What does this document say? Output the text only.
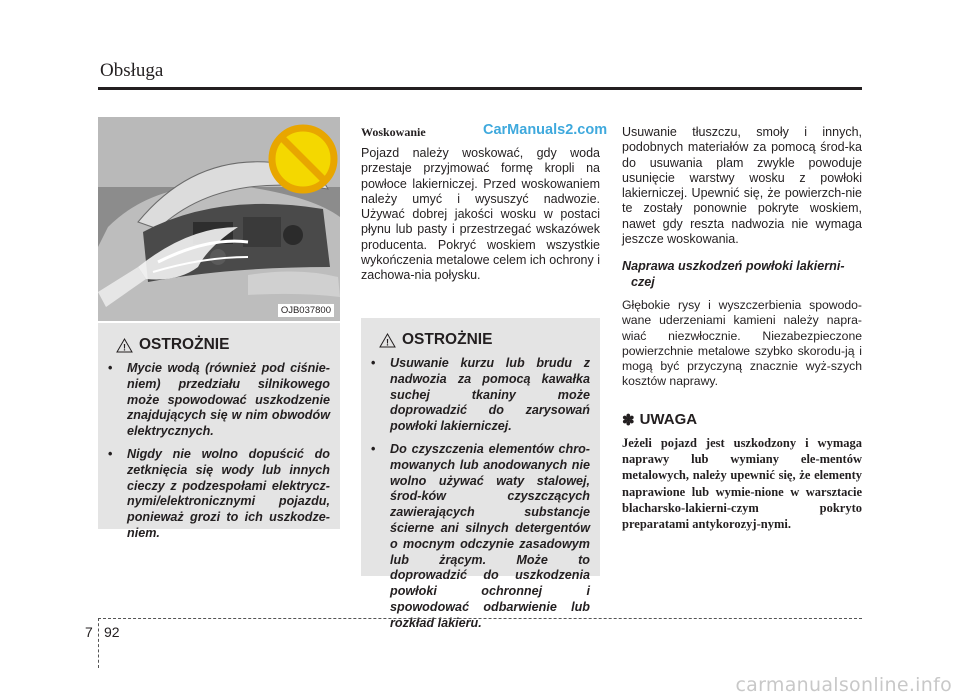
Obsługa
OJB037800
! OSTROŻNIE
• Mycie wodą (również pod ciśnie-niem) przedziału silnikowego może spowodować uszkodzenie znajdujących się w nim obwodów elektrycznych.
• Nigdy nie wolno dopuścić do zetknięcia się wody lub innych cieczy z podzespołami elektrycz-nymi/elektronicznymi pojazdu, ponieważ grozi to ich uszkodze-niem.
CarManuals2.com
Woskowanie

Pojazd należy woskować, gdy woda przestaje przyjmować formę kropli na powłoce lakierniczej. Przed woskowaniem należy umyć i wysuszyć nadwozie. Używać dobrej jakości wosku w postaci płynu lub pasty i przestrzegać wskazówek producenta. Pokryć woskiem wszystkie wykończenia metalowe celem ich ochrony i zachowa-nia połysku.

! OSTROŻNIE
• Usuwanie kurzu lub brudu z nadwozia za pomocą kawałka suchej tkaniny może doprowadzić do zarysowań powłoki lakierniczej.
• Do czyszczenia elementów chro-mowanych lub anodowanych nie wolno używać waty stalowej, środ-ków czyszczących zawierających substancje ścierne ani silnych detergentów o mocnym odczynie zasadowym lub żrącym. Może to doprowadzić do uszkodzenia powłoki ochronnej i spowodować odbarwienie lub rozkład lakieru.

Usuwanie tłuszczu, smoły i innych, podobnych materiałów za pomocą środ-ka do usuwania plam zwykle powoduje usunięcie warstwy wosku z powłoki lakierniczej. Upewnić się, że powierzch-nie te zostały ponownie pokryte woskiem, nawet gdy reszta nadwozia nie wymaga jeszcze woskowania.

Naprawa uszkodzeń powłoki lakierni-czej

Głębokie rysy i wyszczerbienia spowodo-wane uderzeniami kamieni należy napra-wiać niezwłocznie. Niezabezpieczone powierzchnie metalowe szybko skorodu-ją i mogą być przyczyną znacznie wyż-szych kosztów naprawy.

✽ UWAGA

Jeżeli pojazd jest uszkodzony i wymaga naprawy lub wymiany ele-mentów metalowych, należy upewnić się, że elementy naprawione lub wymie-nione w warsztacie blacharsko-lakierni-czym pokryto preparatami antykorozyj-nymi.

7 92
carmanualsonline.info
